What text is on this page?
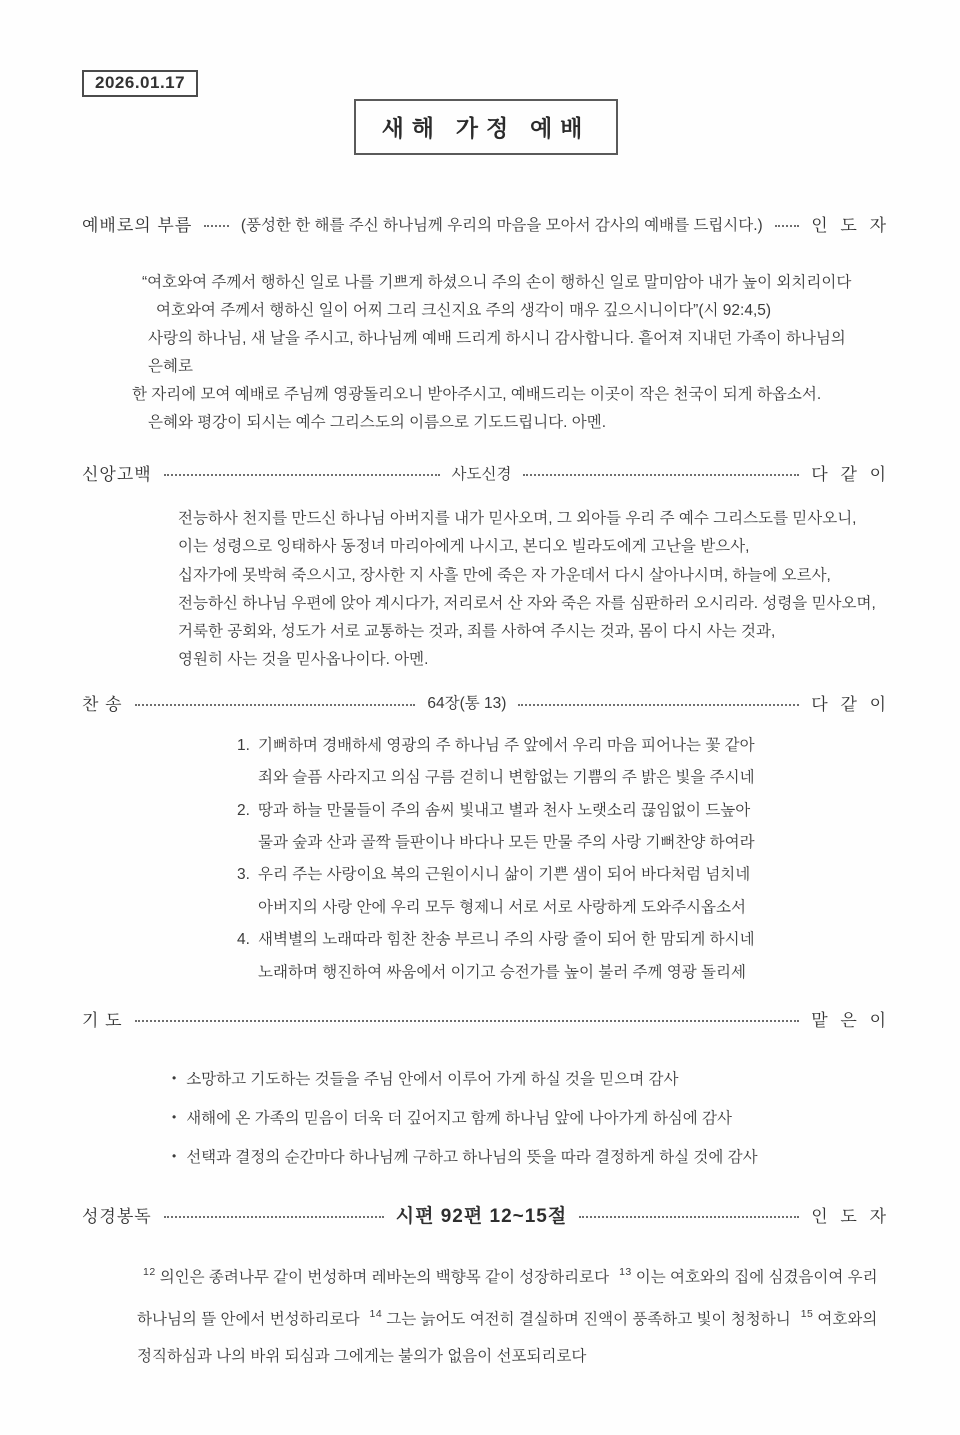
2026.01.17
새해 가정 예배
예배로의 부름	(풍성한 한 해를 주신 하나님께 우리의 마음을 모아서 감사의 예배를 드립시다.)	인 도 자
“여호와여 주께서 행하신 일로 나를 기쁘게 하셨으니 주의 손이 행하신 일로 말미암아 내가 높이 외치리이다
여호와여 주께서 행하신 일이 어찌 그리 크신지요 주의 생각이 매우 깊으시니이다”(시 92:4,5)
사랑의 하나님, 새 날을 주시고, 하나님께 예배 드리게 하시니 감사합니다. 흩어져 지내던 가족이 하나님의 은혜로
한 자리에 모여 예배로 주님께 영광돌리오니 받아주시고, 예배드리는 이곳이 작은 천국이 되게 하옵소서.
은혜와 평강이 되시는 예수 그리스도의 이름으로 기도드립니다. 아멘.
신앙고백	사도신경	다 같 이
전능하사 천지를 만드신 하나님 아버지를 내가 믿사오며, 그 외아들 우리 주 예수 그리스도를 믿사오니,
이는 성령으로 잉태하사 동정녀 마리아에게 나시고, 본디오 빌라도에게 고난을 받으사,
십자가에 못박혀 죽으시고, 장사한 지 사흘 만에 죽은 자 가운데서 다시 살아나시며, 하늘에 오르사,
전능하신 하나님 우편에 앉아 계시다가, 저리로서 산 자와 죽은 자를 심판하러 오시리라. 성령을 믿사오며,
거룩한 공회와, 성도가 서로 교통하는 것과, 죄를 사하여 주시는 것과, 몸이 다시 사는 것과,
영원히 사는 것을 믿사옵나이다. 아멘.
찬 송	64장(통 13)	다 같 이
1. 기뻐하며 경배하세 영광의 주 하나님 주 앞에서 우리 마음 피어나는 꽃 같아
죄와 슬픔 사라지고 의심 구름 걷히니 변함없는 기쁨의 주 밝은 빛을 주시네
2. 땅과 하늘 만물들이 주의 솜씨 빛내고 별과 천사 노랫소리 끊임없이 드높아
물과 숲과 산과 골짝 들판이나 바다나 모든 만물 주의 사랑 기뻐찬양 하여라
3. 우리 주는 사랑이요 복의 근원이시니 삶이 기쁜 샘이 되어 바다처럼 넘치네
아버지의 사랑 안에 우리 모두 형제니 서로 서로 사랑하게 도와주시옵소서
4. 새벽별의 노래따라 힘찬 찬송 부르니 주의 사랑 줄이 되어 한 맘되게 하시네
노래하며 행진하여 싸움에서 이기고 승전가를 높이 불러 주께 영광 돌리세
기 도	맡 은 이
• 소망하고 기도하는 것들을 주님 안에서 이루어 가게 하실 것을 믿으며 감사
• 새해에 온 가족의 믿음이 더욱 더 깊어지고 함께 하나님 앞에 나아가게 하심에 감사
• 선택과 결정의 순간마다 하나님께 구하고 하나님의 뜻을 따라 결정하게 하실 것에 감사
성경봉독	시편 92편 12~15절	인 도 자

$^{12}$ 의인은 종려나무 같이 번성하며 레바논의 백향목 같이 성장하리로다 $^{13}$ 이는 여호와의 집에 심겼음이여 우리 하나님의 뜰 안에서 번성하리로다 $^{14}$ 그는 늙어도 여전히 결실하며 진액이 풍족하고 빛이 청청하니 $^{15}$ 여호와의 정직하심과 나의 바위 되심과 그에게는 불의가 없음이 선포되리로다
